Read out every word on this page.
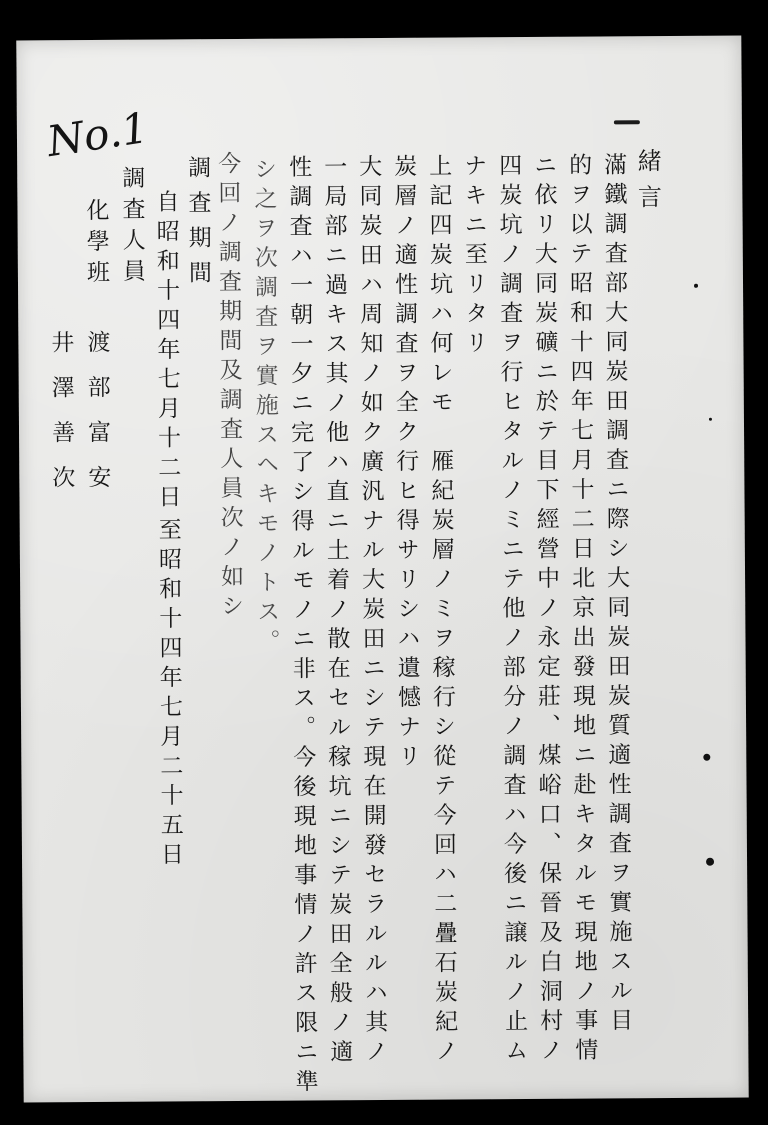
No.1
緒言
滿鐵調査部大同炭田調査ニ際シ大同炭田炭質適性調査ヲ實施スル目
的ヲ以テ昭和十四年七月十二日北京出發現地ニ赴キタルモ現地ノ事情
ニ依リ大同炭礦ニ於テ目下經營中ノ永定莊、煤峪口、保晉及白洞村ノ
四炭坑ノ調査ヲ行ヒタルノミニテ他ノ部分ノ調査ハ今後ニ譲ルノ止ム
ナキニ至リタリ
上記四炭坑ハ何レモ　雁紀炭層ノミヲ稼行シ從テ今回ハ二疊石炭紀ノ
炭層ノ適性調査ヲ全ク行ヒ得サリシハ遺憾ナリ
大同炭田ハ周知ノ如ク廣汎ナル大炭田ニシテ現在開發セラルルハ其ノ
一局部ニ過キス其ノ他ハ直ニ土着ノ散在セル稼坑ニシテ炭田全般ノ適
性調査ハ一朝一夕ニ完了シ得ルモノニ非ス。今後現地事情ノ許ス限ニ準
シ之ヲ次調査ヲ實施スヘキモノトス。
今回ノ調査期間及調査人員次ノ如シ
調査期間
自昭和十四年七月十二日
至昭和十四年七月二十五日
調査人員
化學班
渡部富安
井澤善次
